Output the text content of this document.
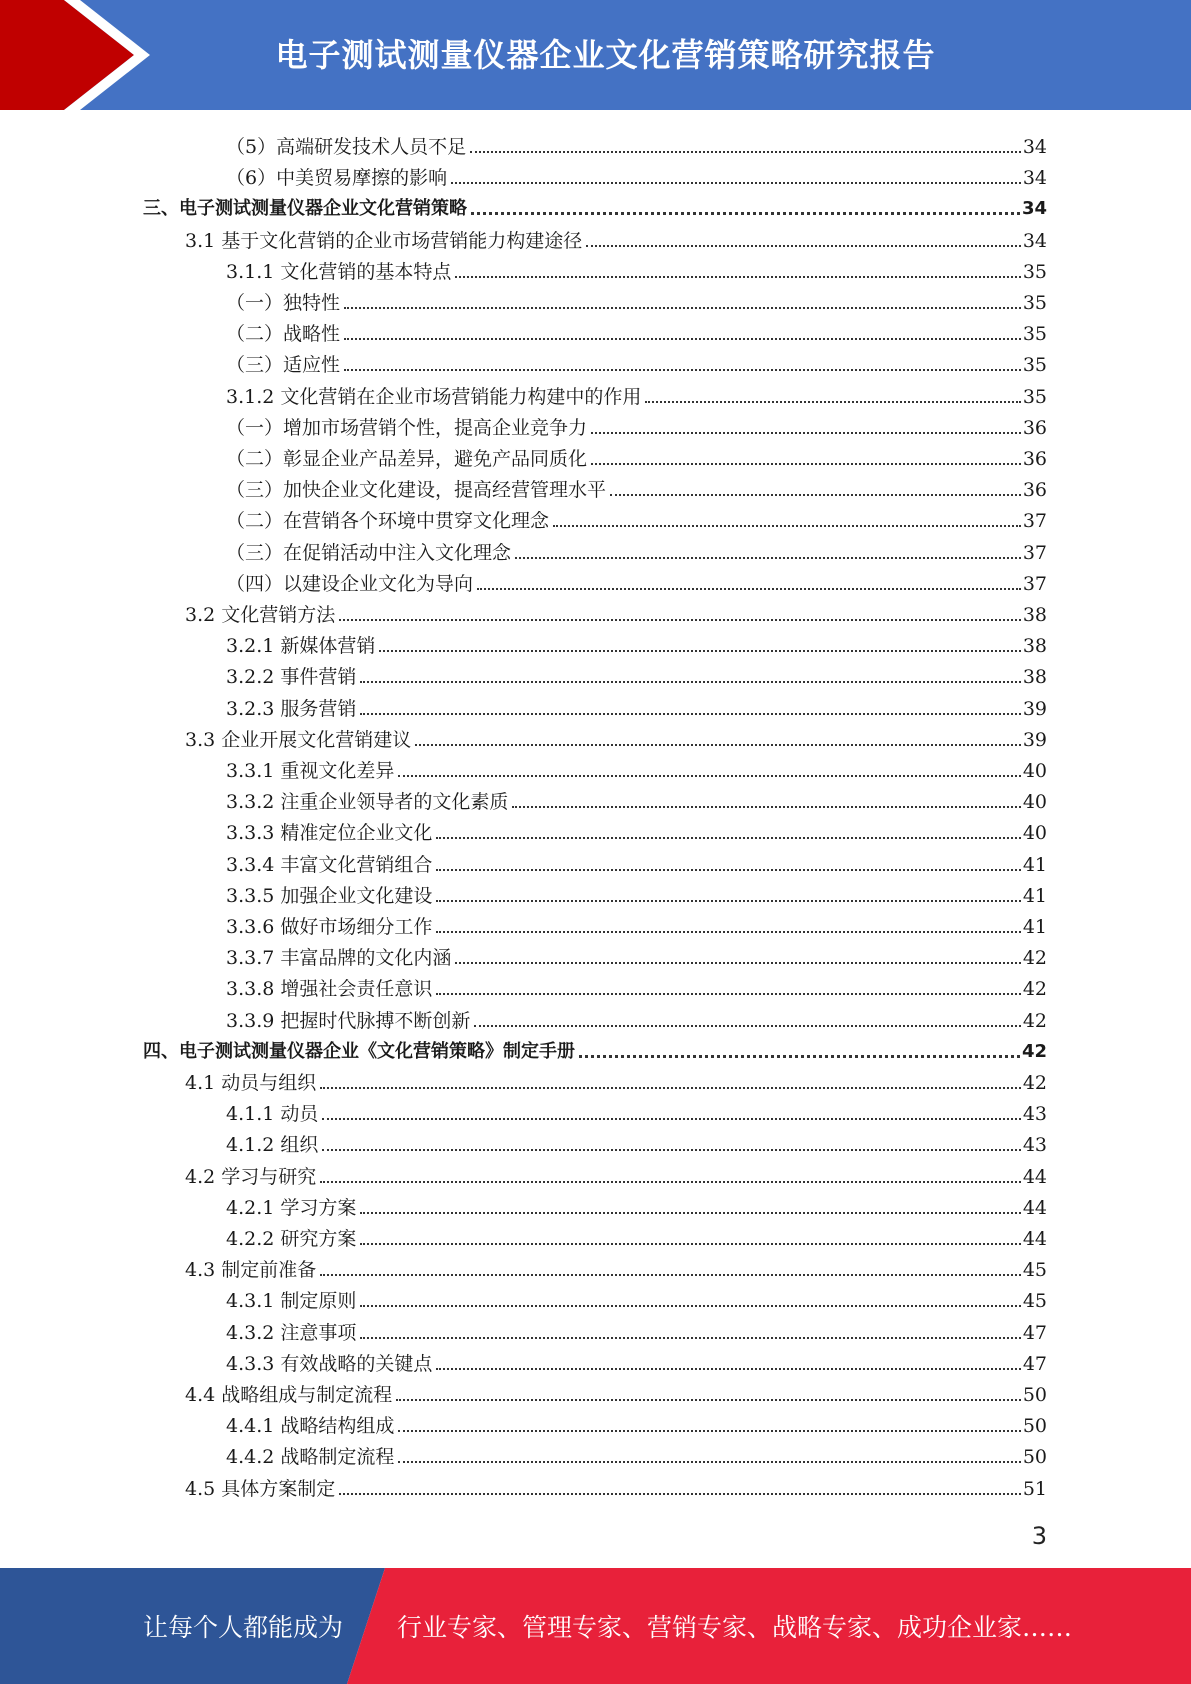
电子测试测量仪器企业文化营销策略研究报告
（5）高端研发技术人员不足	34
（6）中美贸易摩擦的影响	34
三、电子测试测量仪器企业文化营销策略	34
3.1 基于文化营销的企业市场营销能力构建途径	34
3.1.1 文化营销的基本特点	35
（一）独特性	35
（二）战略性	35
（三）适应性	35
3.1.2 文化营销在企业市场营销能力构建中的作用	35
（一）增加市场营销个性，提高企业竞争力	36
（二）彰显企业产品差异，避免产品同质化	36
（三）加快企业文化建设，提高经营管理水平	36
（二）在营销各个环境中贯穿文化理念	37
（三）在促销活动中注入文化理念	37
（四）以建设企业文化为导向	37
3.2 文化营销方法	38
3.2.1 新媒体营销	38
3.2.2 事件营销	38
3.2.3 服务营销	39
3.3 企业开展文化营销建议	39
3.3.1 重视文化差异	40
3.3.2 注重企业领导者的文化素质	40
3.3.3 精准定位企业文化	40
3.3.4 丰富文化营销组合	41
3.3.5 加强企业文化建设	41
3.3.6 做好市场细分工作	41
3.3.7 丰富品牌的文化内涵	42
3.3.8 增强社会责任意识	42
3.3.9 把握时代脉搏不断创新	42
四、电子测试测量仪器企业《文化营销策略》制定手册	42
4.1 动员与组织	42
4.1.1 动员	43
4.1.2 组织	43
4.2 学习与研究	44
4.2.1 学习方案	44
4.2.2 研究方案	44
4.3 制定前准备	45
4.3.1 制定原则	45
4.3.2 注意事项	47
4.3.3 有效战略的关键点	47
4.4 战略组成与制定流程	50
4.4.1 战略结构组成	50
4.4.2 战略制定流程	50
4.5 具体方案制定	51
3
让每个人都能成为 行业专家、管理专家、营销专家、战略专家、成功企业家……
